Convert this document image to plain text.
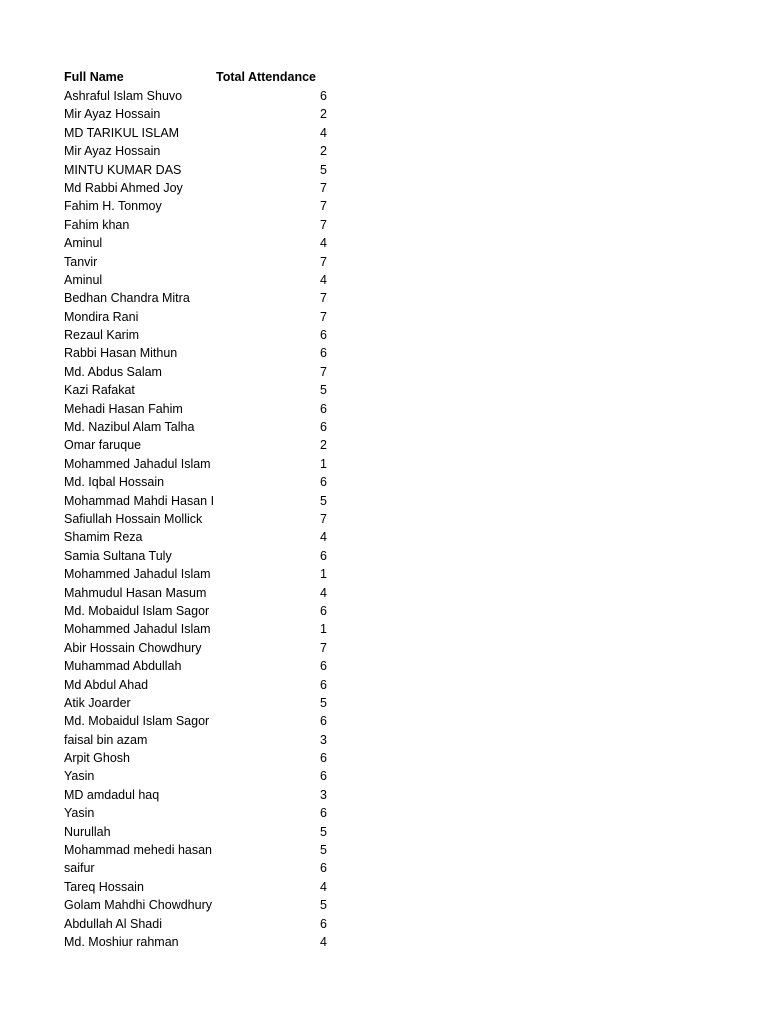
Full Name	Total Attendance
Ashraful Islam Shuvo	6
Mir Ayaz Hossain	2
MD TARIKUL ISLAM	4
Mir Ayaz Hossain	2
MINTU KUMAR DAS	5
Md Rabbi Ahmed Joy	7
Fahim H. Tonmoy	7
Fahim khan	7
Aminul	4
Tanvir	7
Aminul	4
Bedhan Chandra Mitra	7
Mondira Rani	7
Rezaul Karim	6
Rabbi Hasan Mithun	6
Md. Abdus Salam	7
Kazi Rafakat	5
Mehadi Hasan Fahim	6
Md. Nazibul Alam Talha	6
Omar faruque	2
Mohammed Jahadul Islam	1
Md. Iqbal Hossain	6
Mohammad Mahdi Hasan I	5
Safiullah Hossain Mollick	7
Shamim Reza	4
Samia Sultana Tuly	6
Mohammed Jahadul Islam	1
Mahmudul Hasan Masum	4
Md. Mobaidul Islam Sagor	6
Mohammed Jahadul Islam	1
Abir Hossain Chowdhury	7
Muhammad Abdullah	6
Md Abdul Ahad	6
Atik Joarder	5
Md. Mobaidul Islam Sagor	6
faisal bin azam	3
Arpit Ghosh	6
Yasin	6
MD amdadul haq	3
Yasin	6
Nurullah	5
Mohammad mehedi hasan	5
saifur	6
Tareq Hossain	4
Golam Mahdhi Chowdhury	5
Abdullah Al Shadi	6
Md. Moshiur rahman	4
